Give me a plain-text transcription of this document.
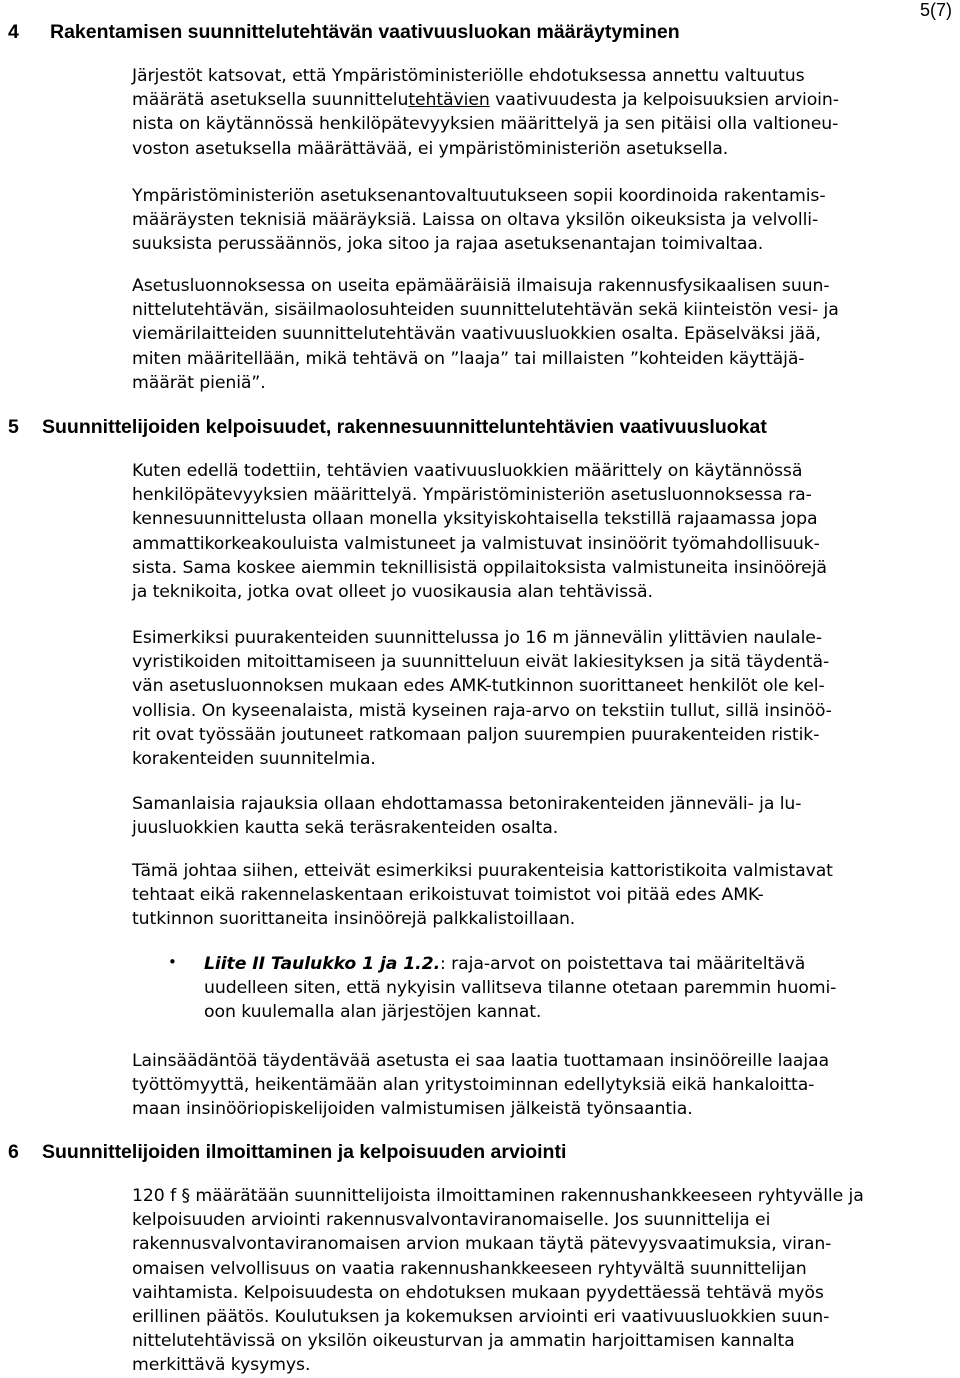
5(7)
4 Rakentamisen suunnittelutehtävän vaativuusluokan määräytyminen
Järjestöt katsovat, että Ympäristöministeriölle ehdotuksessa annettu valtuutus
määrätä asetuksella suunnittelutehtävien vaativuudesta ja kelpoisuuksien arvioin-
nista on käytännössä henkilöpätevyyksien määrittelyä ja sen pitäisi olla valtioneu-
voston asetuksella määrättävää, ei ympäristöministeriön asetuksella.
Ympäristöministeriön asetuksenantovaltuutukseen sopii koordinoida rakentamis-
määräysten teknisiä määräyksiä. Laissa on oltava yksilön oikeuksista ja velvolli-
suuksista perussäännös, joka sitoo ja rajaa asetuksenantajan toimivaltaa.
Asetusluonnoksessa on useita epämääräisiä ilmaisuja rakennusfysikaalisen suun-
nittelutehtävän, sisäilmaolosuhteiden suunnittelutehtävän sekä kiinteistön vesi- ja
viemärilaitteiden suunnittelutehtävän vaativuusluokkien osalta. Epäselväksi jää,
miten määritellään, mikä tehtävä on ”laaja” tai millaisten ”kohteiden käyttäjä-
määrät pieniä”.
5 Suunnittelijoiden kelpoisuudet, rakennesuunnitteluntehtävien vaativuusluokat
Kuten edellä todettiin, tehtävien vaativuusluokkien määrittely on käytännössä
henkilöpätevyyksien määrittelyä. Ympäristöministeriön asetusluonnoksessa ra-
kennesuunnittelusta ollaan monella yksityiskohtaisella tekstillä rajaamassa jopa
ammattikorkeakouluista valmistuneet ja valmistuvat insinöörit työmahdollisuuk-
sista. Sama koskee aiemmin teknillisistä oppilaitoksista valmistuneita insinöörejä
ja teknikoita, jotka ovat olleet jo vuosikausia alan tehtävissä.
Esimerkiksi puurakenteiden suunnittelussa jo 16 m jännevälin ylittävien naulale-
vyristikoiden mitoittamiseen ja suunnitteluun eivät lakiesityksen ja sitä täydentä-
vän asetusluonnoksen mukaan edes AMK-tutkinnon suorittaneet henkilöt ole kel-
vollisia. On kyseenalaista, mistä kyseinen raja-arvo on tekstiin tullut, sillä insinöö-
rit ovat työssään joutuneet ratkomaan paljon suurempien puurakenteiden ristik-
korakenteiden suunnitelmia.
Samanlaisia rajauksia ollaan ehdottamassa betonirakenteiden jänneväli- ja lu-
juusluokkien kautta sekä teräsrakenteiden osalta.
Tämä johtaa siihen, etteivät esimerkiksi puurakenteisia kattoristikoita valmistavat
tehtaat eikä rakennelaskentaan erikoistuvat toimistot voi pitää edes AMK-
tutkinnon suorittaneita insinöörejä palkkalistoillaan.
• Liite II Taulukko 1 ja 1.2.: raja-arvot on poistettava tai määriteltävä
uudelleen siten, että nykyisin vallitseva tilanne otetaan paremmin huomi-
oon kuulemalla alan järjestöjen kannat.
Lainsäädäntöä täydentävää asetusta ei saa laatia tuottamaan insinööreille laajaa
työttömyyttä, heikentämään alan yritystoiminnan edellytyksiä eikä hankaloitta-
maan insinööriopiskelijoiden valmistumisen jälkeistä työnsaantia.
6 Suunnittelijoiden ilmoittaminen ja kelpoisuuden arviointi
120 f § määrätään suunnittelijoista ilmoittaminen rakennushankkeeseen ryhtyvälle ja kelpoisuuden arviointi rakennusvalvontaviranomaiselle. Jos suunnittelija ei
rakennusvalvontaviranomaisen arvion mukaan täytä pätevyysvaatimuksia, viran-
omaisen velvollisuus on vaatia rakennushankkeeseen ryhtyvältä suunnittelijan
vaihtamista. Kelpoisuudesta on ehdotuksen mukaan pyydettäessä tehtävä myös
erillinen päätös. Koulutuksen ja kokemuksen arviointi eri vaativuusluokkien suun-
nittelutehtävissä on yksilön oikeusturvan ja ammatin harjoittamisen kannalta
merkittävä kysymys.
